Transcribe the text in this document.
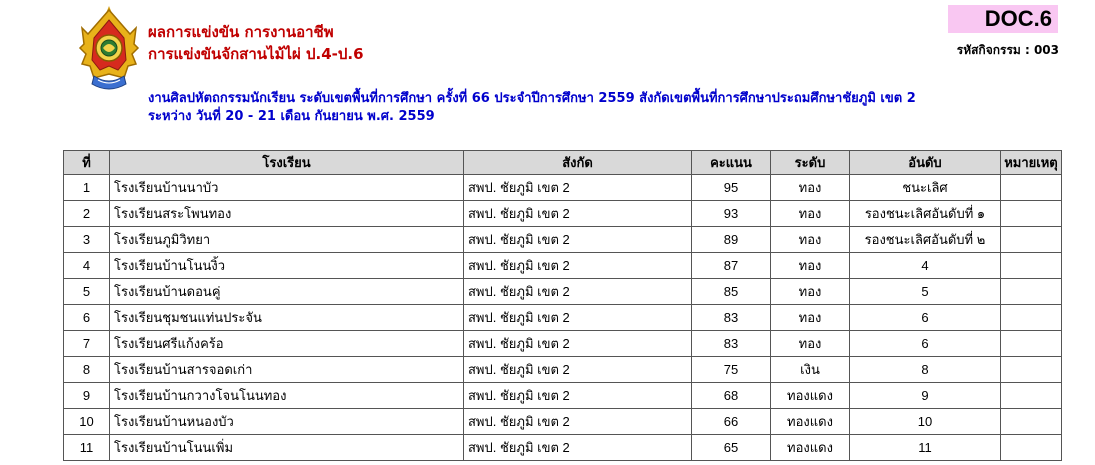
ผลการแข่งขัน การงานอาชีพ
การแข่งขันจักสานไม้ไผ่ ป.4-ป.6
DOC.6
รหัสกิจกรรม : 003
งานศิลปหัตถกรรมนักเรียน ระดับเขตพื้นที่การศึกษา ครั้งที่ 66 ประจำปีการศึกษา 2559 สังกัดเขตพื้นที่การศึกษาประถมศึกษาชัยภูมิ เขต 2
ระหว่าง วันที่ 20 - 21 เดือน กันยายน พ.ศ. 2559
ที่	โรงเรียน	สังกัด	คะแนน	ระดับ	อันดับ	หมายเหตุ
1	โรงเรียนบ้านนาบัว	สพป. ชัยภูมิ เขต 2	95	ทอง	ชนะเลิศ	
2	โรงเรียนสระโพนทอง	สพป. ชัยภูมิ เขต 2	93	ทอง	รองชนะเลิศอันดับที่ ๑	
3	โรงเรียนภูมิวิทยา	สพป. ชัยภูมิ เขต 2	89	ทอง	รองชนะเลิศอันดับที่ ๒	
4	โรงเรียนบ้านโนนงิ้ว	สพป. ชัยภูมิ เขต 2	87	ทอง	4	
5	โรงเรียนบ้านดอนคู่	สพป. ชัยภูมิ เขต 2	85	ทอง	5	
6	โรงเรียนชุมชนแท่นประจัน	สพป. ชัยภูมิ เขต 2	83	ทอง	6	
7	โรงเรียนศรีแก้งคร้อ	สพป. ชัยภูมิ เขต 2	83	ทอง	6	
8	โรงเรียนบ้านสารจอดเก่า	สพป. ชัยภูมิ เขต 2	75	เงิน	8	
9	โรงเรียนบ้านกวางโจนโนนทอง	สพป. ชัยภูมิ เขต 2	68	ทองแดง	9	
10	โรงเรียนบ้านหนองบัว	สพป. ชัยภูมิ เขต 2	66	ทองแดง	10	
11	โรงเรียนบ้านโนนเพิ่ม	สพป. ชัยภูมิ เขต 2	65	ทองแดง	11	
